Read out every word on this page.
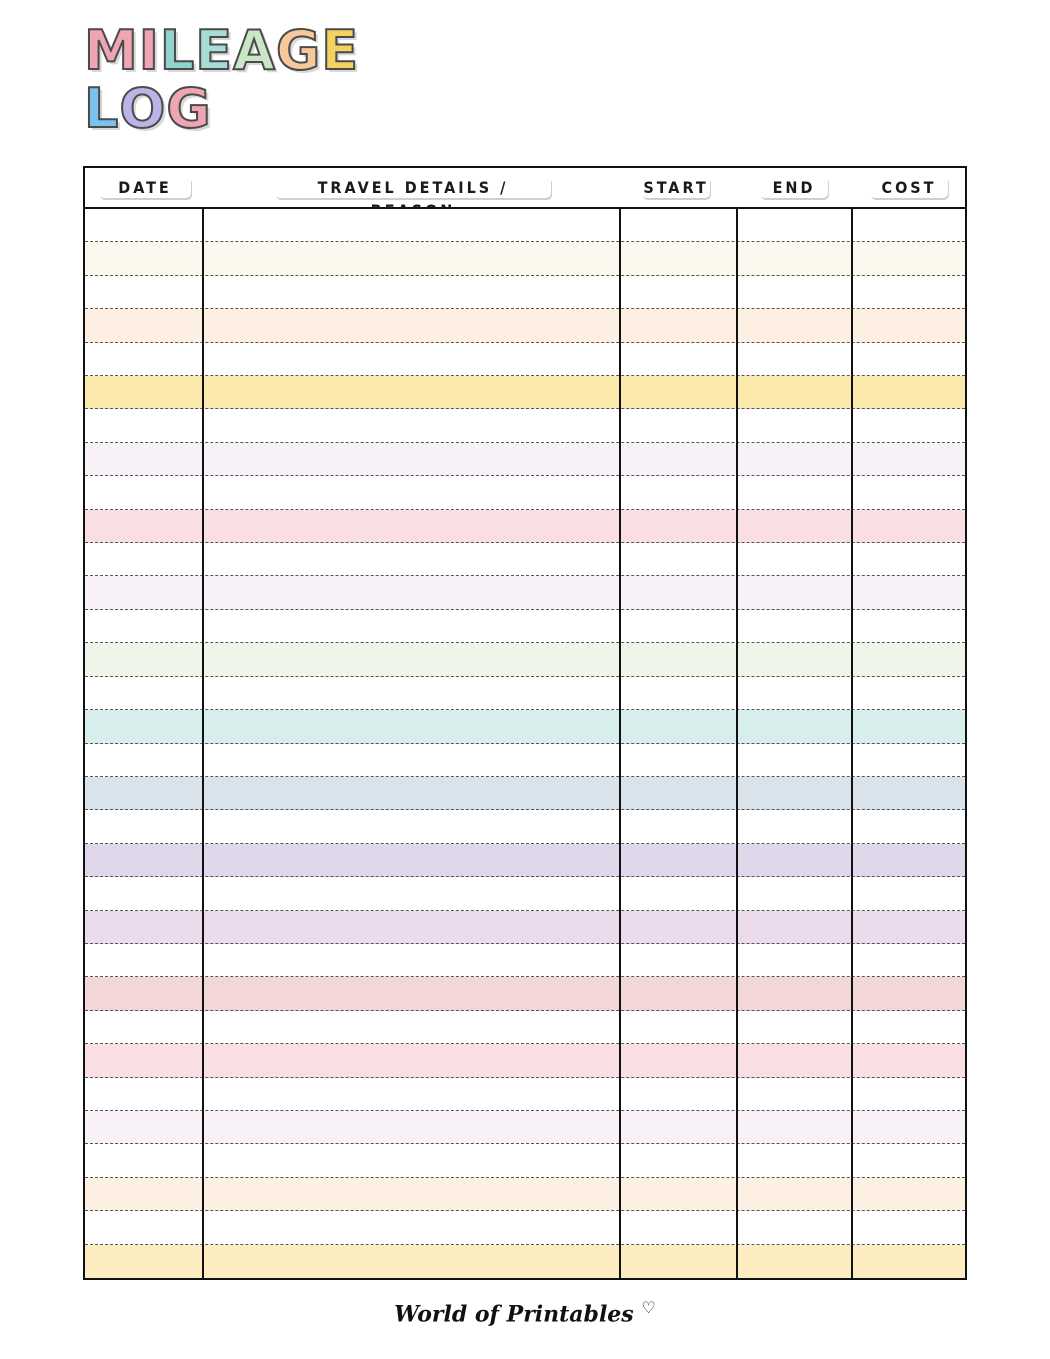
MILEAGE
LOG
DATE	TRAVEL DETAILS /	START	END	COST
World of Printables ♡
